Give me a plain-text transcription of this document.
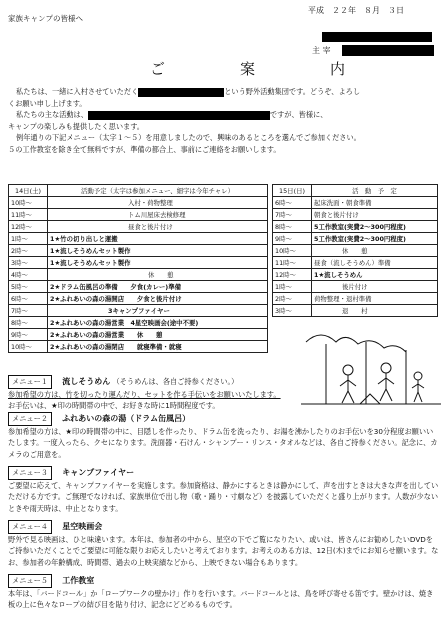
家族キャンプの皆様へ
平成　２２年　８月　３日
主 宰
ご　案　内

私たちは、一緒に入村させていただく	という野外活動集団です。どうぞ、よろし

くお願い申し上げます。

私たちの主な活動は、	ですが、皆様に、

キャンプの楽しみも提供したく思います。

例年通りの下記メニュー（太字１～５）を用意しましたので、興味のあるところを選んでご参加ください。

５の工作教室を除き全て無料ですが、準備の都合上、事前にご連絡をお願いします。

14日(土)	活動予定（太字は参加メニュー、細字は今年チャレ）
10時～	入村・荷物整理
11時～	トム川屋床去検修理
12時～	昼食と後片付け
1時～	1★竹の切り出しと運搬
2時～	1★流しそうめんセット製作
3時～	1★流しそうめんセット製作
4時～	休　　憩
5時～	2★ドラム缶風呂の準備　　夕食(カレー)準備
6時～	2★ふれあいの森の湯開店　　夕食と後片付け
7時～	3キャンプファイヤー
8時～	2★ふれあいの森の湯営業　4星空映画会(途中不要)
9時～	2★ふれあいの森の湯営業　　休　　憩
10時～	2★ふれあいの森の湯閉店　　就寝準備・就寝
15日(日)	活　動　予　定
6時～	起床洗面・朝食準備
7時～	朝食と後片付け
8時～	5工作教室(実費2～300円程度)
9時～	5工作教室(実費2～300円程度)
10時～	休　　憩
11時～	昼食（流しそうめん）準備
12時～	1★流しそうめん
1時～	後片付け
2時～	荷物整理・退村準備
3時～	退　　村

メニュー１ 流しそうめん （そうめんは、各自ご持参ください。）

参加希望の方は、竹を切ったり運んだり、セットを作る手伝いをお願いいたします。

お手伝いは、★印の時間帯の中で、お好きな時に1時間程度です。

メニュー２ ふれあいの森の湯（ドラム缶風呂）

参加希望の方は、★印の時間帯の中に、目隠しを作ったり、ドラム缶を洗ったり、お湯を沸かしたりのお手伝いを30分程度お願いいたします。一度入ったら、クセになります。洗面器・石けん・シャンプー・リンス・タオルなどは、各自ご持参ください。記念に、カメラのご用意を。

メニュー３ キャンプファイヤー

ご要望に応えて、キャンプファイヤーを実施します。参加資格は、静かにするときは静かにして、声を出すときは大きな声を出していただける方です。ご無理でなければ、家族単位で出し物（歌・踊り・寸劇など）を披露していただくと盛り上がります。人数が少ないときや雨天時は、中止となります。

メニュー４ 星空映画会

野外で見る映画は、ひと味違います。本年は、参加者の中から、星空の下でご覧になりたい、或いは、皆さんにお勧めしたいDVDをご持参いただくことでご要望に可能な限りお応えしたいと考えております。お考えのある方は、12日(木)までにお知らせ願います。なお、参加者の年齢構成、時間帯、過去の上映実績などから、上映できない場合もあります。

メニュー５ 工作教室

本年は、「バードコール」か「ロープワークの壁かけ」作りを行います。バードコールとは、鳥を呼び寄せる笛です。壁かけは、焼き板の上に色々なロープの結び目を貼り付け、記念にどどめるものです。
